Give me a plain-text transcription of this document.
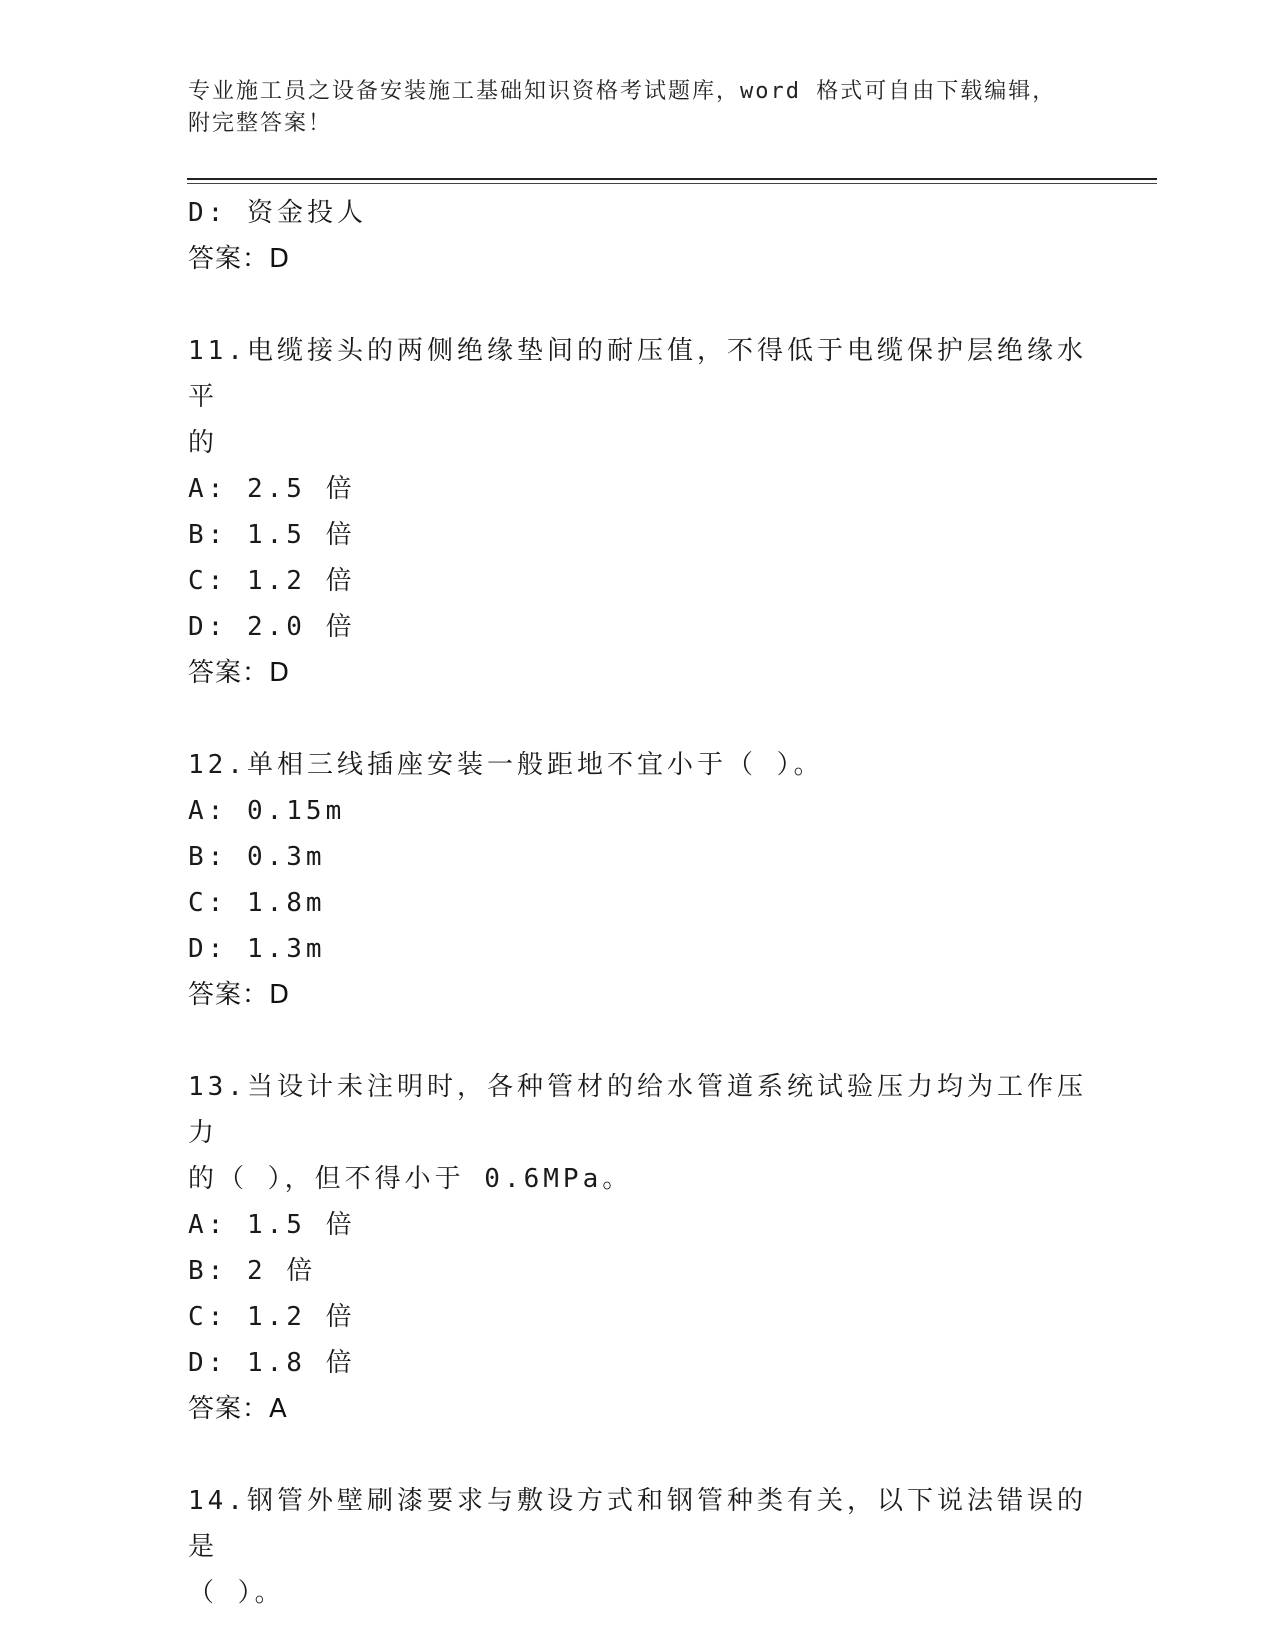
专业施工员之设备安装施工基础知识资格考试题库，word 格式可自由下载编辑，
附完整答案！
D: 资金投人
答案：D
11.电缆接头的两侧绝缘垫间的耐压值，不得低于电缆保护层绝缘水平
的
A: 2.5 倍
B: 1.5 倍
C: 1.2 倍
D: 2.0 倍
答案：D
12.单相三线插座安装一般距地不宜小于（ ）。
A: 0.15m
B: 0.3m
C: 1.8m
D: 1.3m
答案：D
13.当设计未注明时，各种管材的给水管道系统试验压力均为工作压力
的（ ），但不得小于 0.6MPa。
A: 1.5 倍
B: 2 倍
C: 1.2 倍
D: 1.8 倍
答案：A
14.钢管外壁刷漆要求与敷设方式和钢管种类有关，以下说法错误的是
（ ）。
